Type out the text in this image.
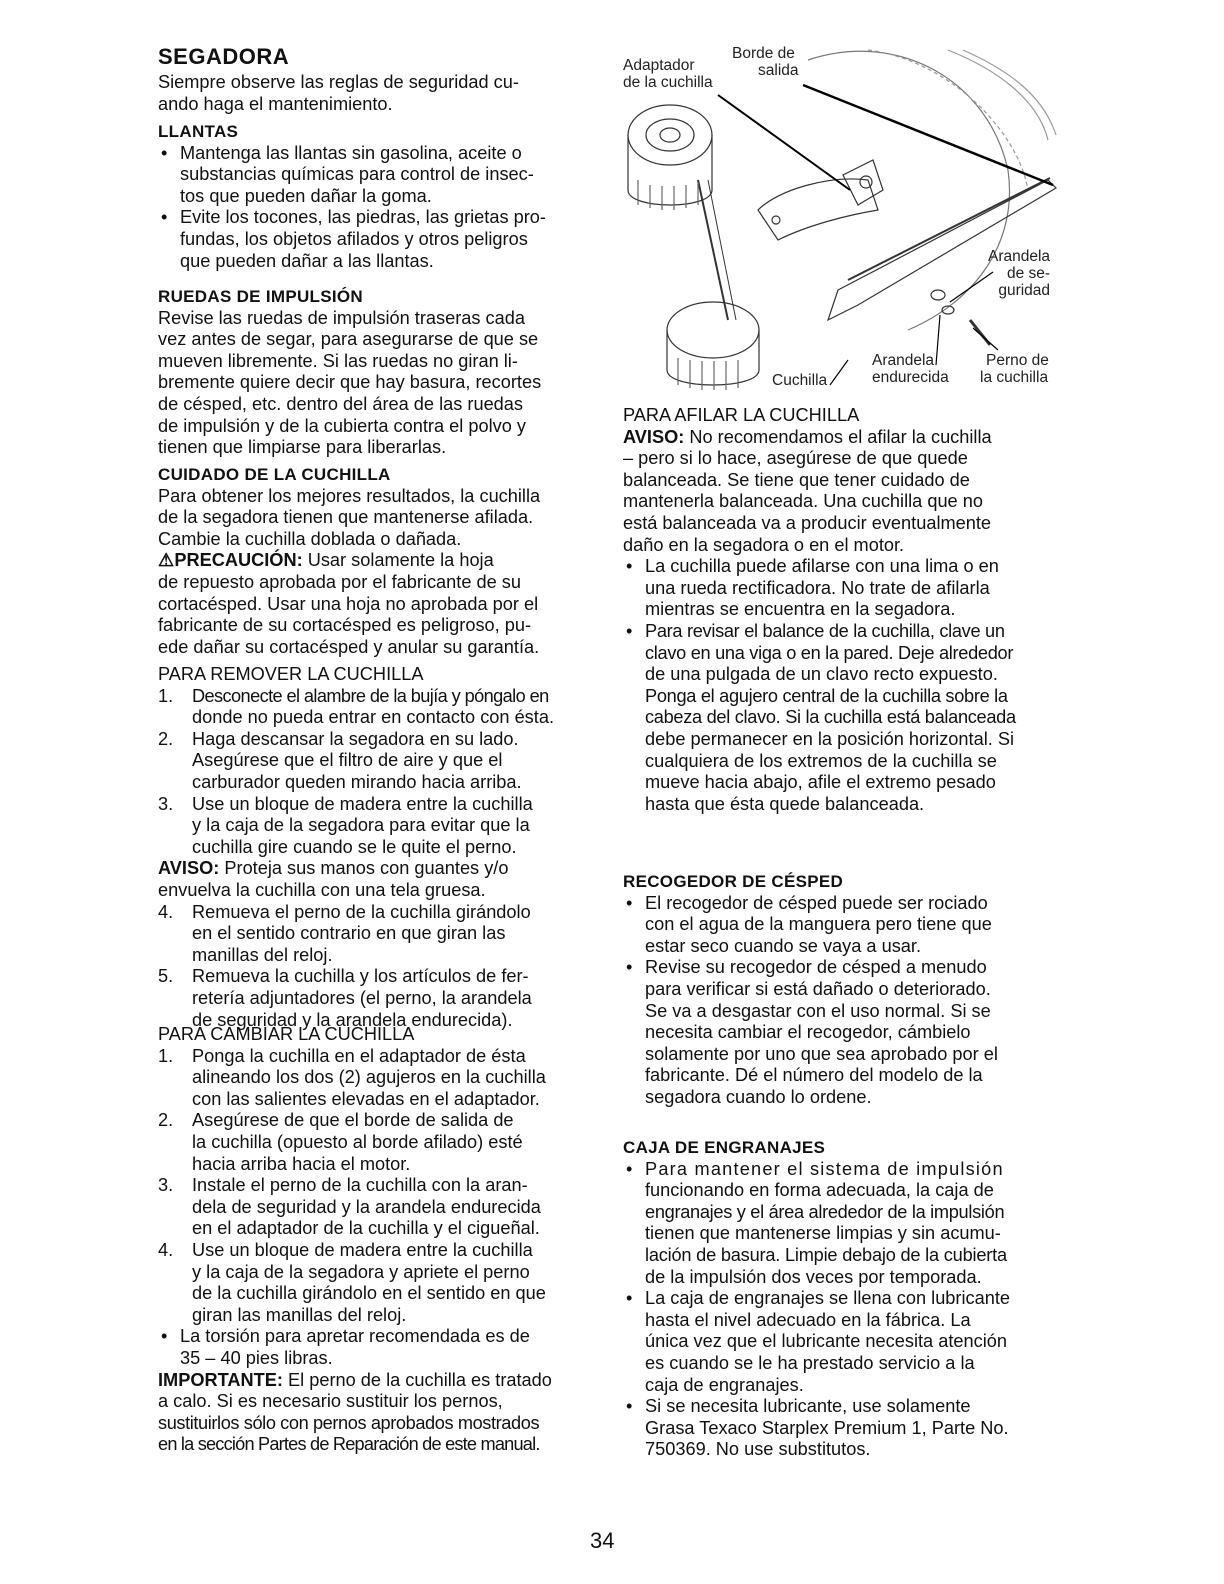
SEGADORA
Siempre observe las reglas de seguridad cu-
ando haga el mantenimiento.
LLANTAS
• Mantenga las llantas sin gasolina, aceite o
substancias químicas para control de insec-
tos que pueden dañar la goma.
• Evite los tocones, las piedras, las grietas pro-
fundas, los objetos afilados y otros peligros
que pueden dañar a las llantas.
RUEDAS DE IMPULSIÓN
Revise las ruedas de impulsión traseras cada
vez antes de segar, para asegurarse de que se
mueven libremente. Si las ruedas no giran li-
bremente quiere decir que hay basura, recortes
de césped, etc. dentro del área de las ruedas
de impulsión y de la cubierta contra el polvo y
tienen que limpiarse para liberarlas.
CUIDADO DE LA CUCHILLA
Para obtener los mejores resultados, la cuchilla
de la segadora tienen que mantenerse afilada.
Cambie la cuchilla doblada o dañada.
⚠PRECAUCIÓN: Usar solamente la hoja
de repuesto aprobada por el fabricante de su
cortacésped. Usar una hoja no aprobada por el
fabricante de su cortacésped es peligroso, pu-
ede dañar su cortacésped y anular su garantía.
PARA REMOVER LA CUCHILLA
1. Desconecte el alambre de la bujía y póngalo en
donde no pueda entrar en contacto con ésta.
2. Haga descansar la segadora en su lado.
Asegúrese que el filtro de aire y que el
carburador queden mirando hacia arriba.
3. Use un bloque de madera entre la cuchilla
y la caja de la segadora para evitar que la
cuchilla gire cuando se le quite el perno.
AVISO: Proteja sus manos con guantes y/o
envuelva la cuchilla con una tela gruesa.
4. Remueva el perno de la cuchilla girándolo
en el sentido contrario en que giran las
manillas del reloj.
5. Remueva la cuchilla y los artículos de fer-
retería adjuntadores (el perno, la arandela
de seguridad y la arandela endurecida).
PARA CAMBIAR LA CUCHILLA
1. Ponga la cuchilla en el adaptador de ésta
alineando los dos (2) agujeros en la cuchilla
con las salientes elevadas en el adaptador.
2. Asegúrese de que el borde de salida de
la cuchilla (opuesto al borde afilado) esté
hacia arriba hacia el motor.
3. Instale el perno de la cuchilla con la aran-
dela de seguridad y la arandela endurecida
en el adaptador de la cuchilla y el cigueñal.
4. Use un bloque de madera entre la cuchilla
y la caja de la segadora y apriete el perno
de la cuchilla girándolo en el sentido en que
giran las manillas del reloj.
• La torsión para apretar recomendada es de
35 – 40 pies libras.
IMPORTANTE: El perno de la cuchilla es tratado
a calo. Si es necesario sustituir los pernos,
sustituirlos sólo con pernos aprobados mostrados
en la sección Partes de Reparación de este manual.
Adaptador
de la cuchilla
Borde de
salida
Arandela
de se-
guridad
Cuchilla
Arandela
endurecida
Perno de
la cuchilla
PARA AFILAR LA CUCHILLA
AVISO: No recomendamos el afilar la cuchilla
– pero si lo hace, asegúrese de que quede
balanceada. Se tiene que tener cuidado de
mantenerla balanceada. Una cuchilla que no
está balanceada va a producir eventualmente
daño en la segadora o en el motor.
• La cuchilla puede afilarse con una lima o en
una rueda rectificadora. No trate de afilarla
mientras se encuentra en la segadora.
• Para revisar el balance de la cuchilla, clave un
clavo en una viga o en la pared. Deje alrededor
de una pulgada de un clavo recto expuesto.
Ponga el agujero central de la cuchilla sobre la
cabeza del clavo. Si la cuchilla está balanceada
debe permanecer en la posición horizontal. Si
cualquiera de los extremos de la cuchilla se
mueve hacia abajo, afile el extremo pesado
hasta que ésta quede balanceada.
RECOGEDOR DE CÉSPED
• El recogedor de césped puede ser rociado
con el agua de la manguera pero tiene que
estar seco cuando se vaya a usar.
• Revise su recogedor de césped a menudo
para verificar si está dañado o deteriorado.
Se va a desgastar con el uso normal. Si se
necesita cambiar el recogedor, cámbielo
solamente por uno que sea aprobado por el
fabricante. Dé el número del modelo de la
segadora cuando lo ordene.
CAJA DE ENGRANAJES
• Para mantener el sistema de impulsión
funcionando en forma adecuada, la caja de
engranajes y el área alrededor de la impulsión
tienen que mantenerse limpias y sin acumu-
lación de basura. Limpie debajo de la cubierta
de la impulsión dos veces por temporada.
• La caja de engranajes se llena con lubricante
hasta el nivel adecuado en la fábrica. La
única vez que el lubricante necesita atención
es cuando se le ha prestado servicio a la
caja de engranajes.
• Si se necesita lubricante, use solamente
Grasa Texaco Starplex Premium 1, Parte No.
750369. No use substitutos.
34
